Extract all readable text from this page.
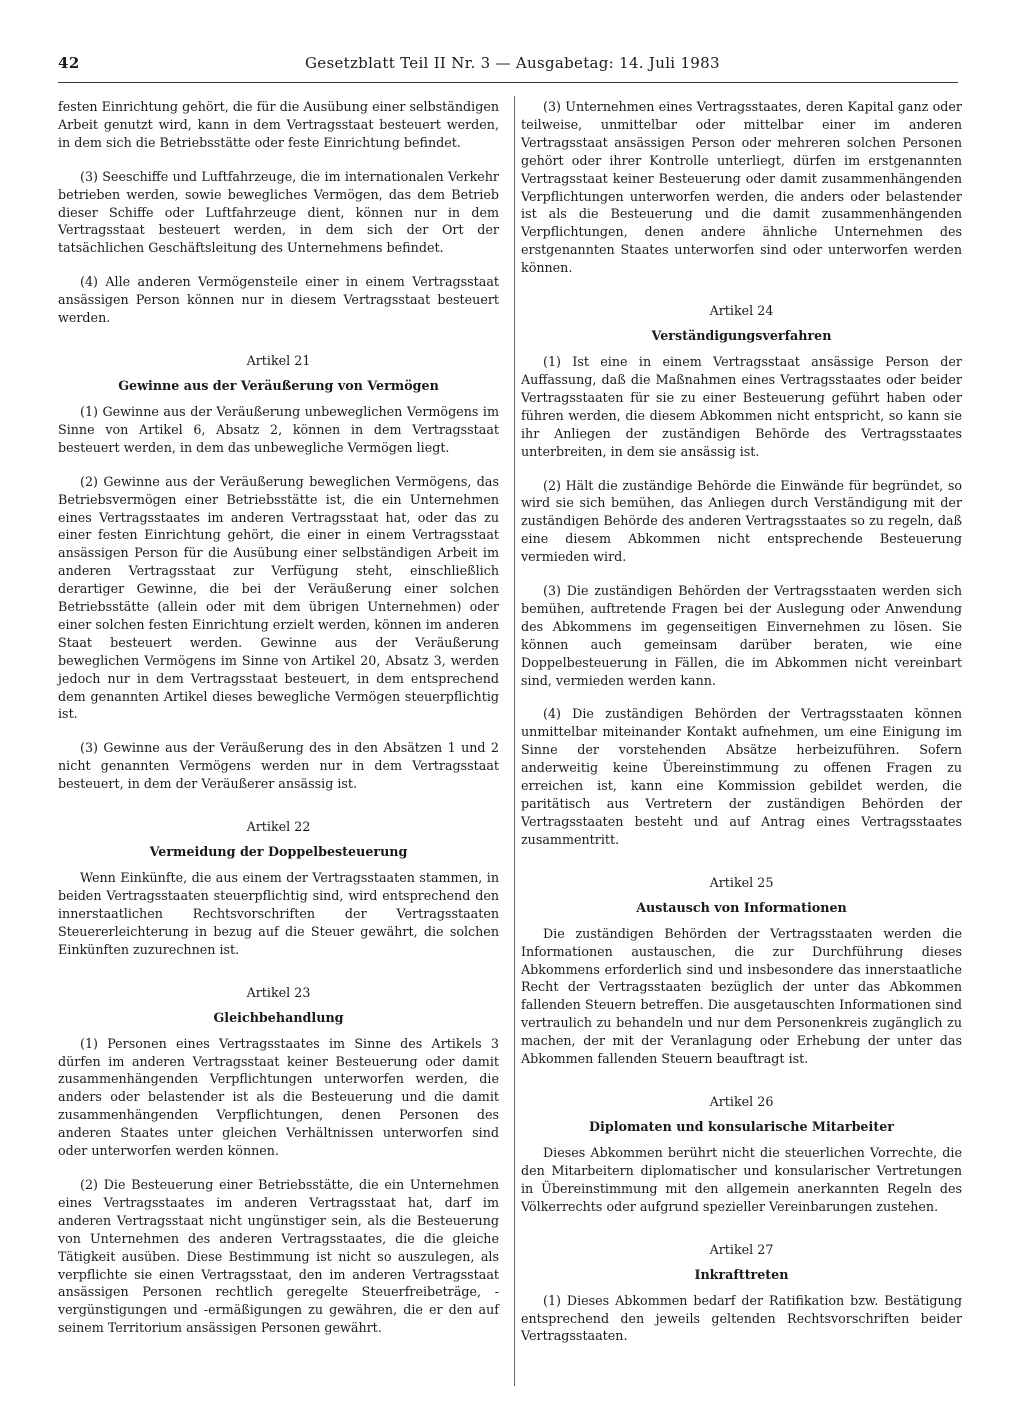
42	Gesetzblatt Teil II Nr. 3 — Ausgabetag: 14. Juli 1983

festen Einrichtung gehört, die für die Ausübung einer selbständigen Arbeit genutzt wird, kann in dem Vertragsstaat besteuert werden, in dem sich die Betriebsstätte oder feste Einrichtung befindet.

(3) Seeschiffe und Luftfahrzeuge, die im internationalen Verkehr betrieben werden, sowie bewegliches Vermögen, das dem Betrieb dieser Schiffe oder Luftfahrzeuge dient, können nur in dem Vertragsstaat besteuert werden, in dem sich der Ort der tatsächlichen Geschäftsleitung des Unternehmens befindet.

(4) Alle anderen Vermögensteile einer in einem Vertragsstaat ansässigen Person können nur in diesem Vertragsstaat besteuert werden.

Artikel 21
Gewinne aus der Veräußerung von Vermögen

(1) Gewinne aus der Veräußerung unbeweglichen Vermögens im Sinne von Artikel 6, Absatz 2, können in dem Vertragsstaat besteuert werden, in dem das unbewegliche Vermögen liegt.

(2) Gewinne aus der Veräußerung beweglichen Vermögens, das Betriebsvermögen einer Betriebsstätte ist, die ein Unternehmen eines Vertragsstaates im anderen Vertragsstaat hat, oder das zu einer festen Einrichtung gehört, die einer in einem Vertragsstaat ansässigen Person für die Ausübung einer selbständigen Arbeit im anderen Vertragsstaat zur Verfügung steht, einschließlich derartiger Gewinne, die bei der Veräußerung einer solchen Betriebsstätte (allein oder mit dem übrigen Unternehmen) oder einer solchen festen Einrichtung erzielt werden, können im anderen Staat besteuert werden. Gewinne aus der Veräußerung beweglichen Vermögens im Sinne von Artikel 20, Absatz 3, werden jedoch nur in dem Vertragsstaat besteuert, in dem entsprechend dem genannten Artikel dieses bewegliche Vermögen steuerpflichtig ist.

(3) Gewinne aus der Veräußerung des in den Absätzen 1 und 2 nicht genannten Vermögens werden nur in dem Vertragsstaat besteuert, in dem der Veräußerer ansässig ist.

Artikel 22
Vermeidung der Doppelbesteuerung

Wenn Einkünfte, die aus einem der Vertragsstaaten stammen, in beiden Vertragsstaaten steuerpflichtig sind, wird entsprechend den innerstaatlichen Rechtsvorschriften der Vertragsstaaten Steuererleichterung in bezug auf die Steuer gewährt, die solchen Einkünften zuzurechnen ist.

Artikel 23
Gleichbehandlung

(1) Personen eines Vertragsstaates im Sinne des Artikels 3 dürfen im anderen Vertragsstaat keiner Besteuerung oder damit zusammenhängenden Verpflichtungen unterworfen werden, die anders oder belastender ist als die Besteuerung und die damit zusammenhängenden Verpflichtungen, denen Personen des anderen Staates unter gleichen Verhältnissen unterworfen sind oder unterworfen werden können.

(2) Die Besteuerung einer Betriebsstätte, die ein Unternehmen eines Vertragsstaates im anderen Vertragsstaat hat, darf im anderen Vertragsstaat nicht ungünstiger sein, als die Besteuerung von Unternehmen des anderen Vertragsstaates, die die gleiche Tätigkeit ausüben. Diese Bestimmung ist nicht so auszulegen, als verpflichte sie einen Vertragsstaat, den im anderen Vertragsstaat ansässigen Personen rechtlich geregelte Steuerfreibeträge, -vergünstigungen und -ermäßigungen zu gewähren, die er den auf seinem Territorium ansässigen Personen gewährt.

(3) Unternehmen eines Vertragsstaates, deren Kapital ganz oder teilweise, unmittelbar oder mittelbar einer im anderen Vertragsstaat ansässigen Person oder mehreren solchen Personen gehört oder ihrer Kontrolle unterliegt, dürfen im erstgenannten Vertragsstaat keiner Besteuerung oder damit zusammenhängenden Verpflichtungen unterworfen werden, die anders oder belastender ist als die Besteuerung und die damit zusammenhängenden Verpflichtungen, denen andere ähnliche Unternehmen des erstgenannten Staates unterworfen sind oder unterworfen werden können.

Artikel 24
Verständigungsverfahren

(1) Ist eine in einem Vertragsstaat ansässige Person der Auffassung, daß die Maßnahmen eines Vertragsstaates oder beider Vertragsstaaten für sie zu einer Besteuerung geführt haben oder führen werden, die diesem Abkommen nicht entspricht, so kann sie ihr Anliegen der zuständigen Behörde des Vertragsstaates unterbreiten, in dem sie ansässig ist.

(2) Hält die zuständige Behörde die Einwände für begründet, so wird sie sich bemühen, das Anliegen durch Verständigung mit der zuständigen Behörde des anderen Vertragsstaates so zu regeln, daß eine diesem Abkommen nicht entsprechende Besteuerung vermieden wird.

(3) Die zuständigen Behörden der Vertragsstaaten werden sich bemühen, auftretende Fragen bei der Auslegung oder Anwendung des Abkommens im gegenseitigen Einvernehmen zu lösen. Sie können auch gemeinsam darüber beraten, wie eine Doppelbesteuerung in Fällen, die im Abkommen nicht vereinbart sind, vermieden werden kann.

(4) Die zuständigen Behörden der Vertragsstaaten können unmittelbar miteinander Kontakt aufnehmen, um eine Einigung im Sinne der vorstehenden Absätze herbeizuführen. Sofern anderweitig keine Übereinstimmung zu offenen Fragen zu erreichen ist, kann eine Kommission gebildet werden, die paritätisch aus Vertretern der zuständigen Behörden der Vertragsstaaten besteht und auf Antrag eines Vertragsstaates zusammentritt.

Artikel 25
Austausch von Informationen

Die zuständigen Behörden der Vertragsstaaten werden die Informationen austauschen, die zur Durchführung dieses Abkommens erforderlich sind und insbesondere das innerstaatliche Recht der Vertragsstaaten bezüglich der unter das Abkommen fallenden Steuern betreffen. Die ausgetauschten Informationen sind vertraulich zu behandeln und nur dem Personenkreis zugänglich zu machen, der mit der Veranlagung oder Erhebung der unter das Abkommen fallenden Steuern beauftragt ist.

Artikel 26
Diplomaten und konsularische Mitarbeiter

Dieses Abkommen berührt nicht die steuerlichen Vorrechte, die den Mitarbeitern diplomatischer und konsularischer Vertretungen in Übereinstimmung mit den allgemein anerkannten Regeln des Völkerrechts oder aufgrund spezieller Vereinbarungen zustehen.

Artikel 27
Inkrafttreten

(1) Dieses Abkommen bedarf der Ratifikation bzw. Bestätigung entsprechend den jeweils geltenden Rechtsvorschriften beider Vertragsstaaten.
